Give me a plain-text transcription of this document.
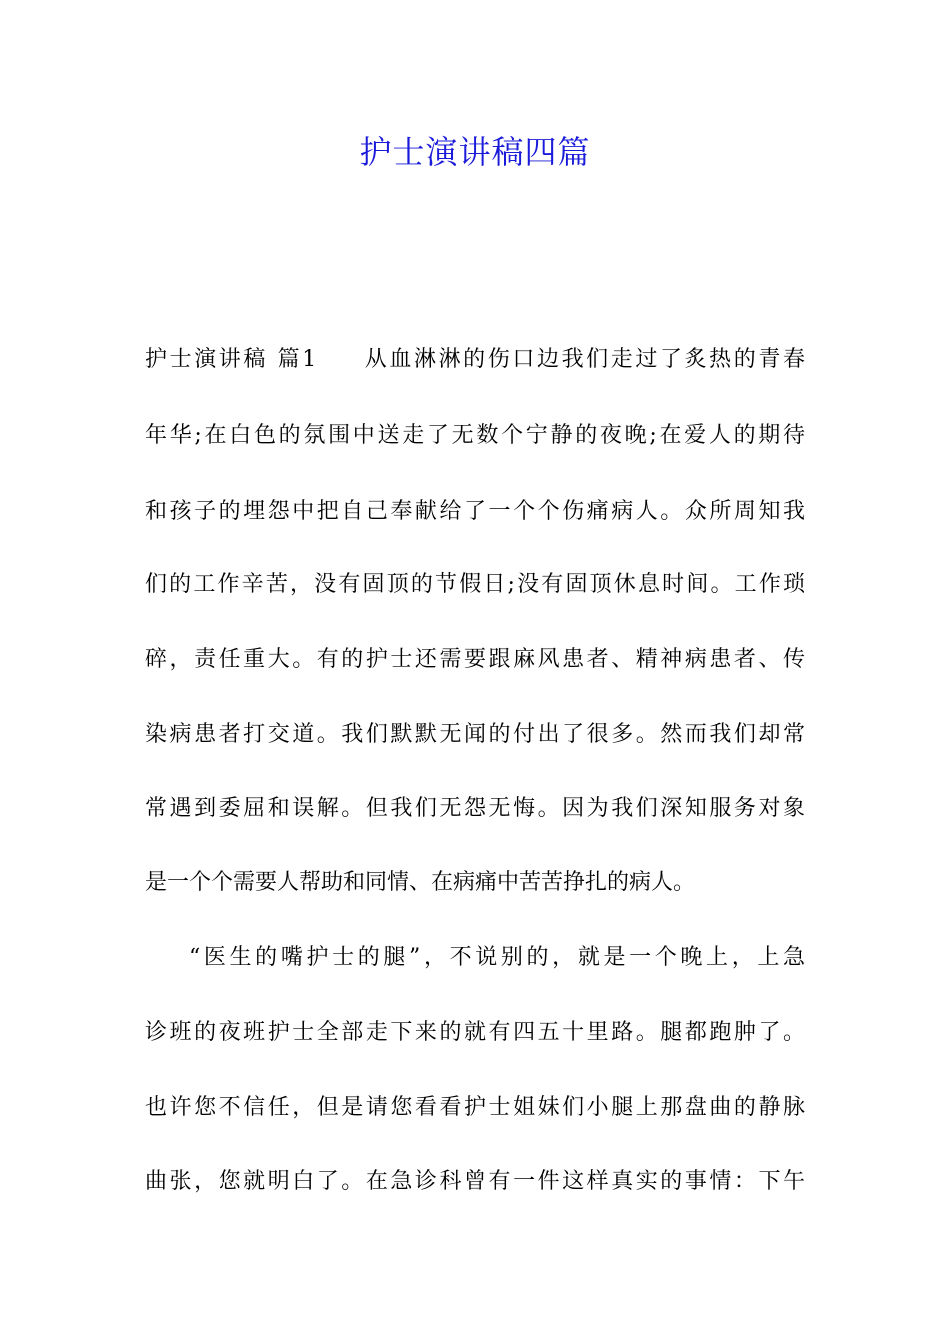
护士演讲稿四篇
护士演讲稿 篇1 从血淋淋的伤口边我们走过了炙热的青春
年华;在白色的氛围中送走了无数个宁静的夜晚;在爱人的期待
和孩子的埋怨中把自己奉献给了一个个伤痛病人。众所周知我
们的工作辛苦，没有固顶的节假日;没有固顶休息时间。工作琐
碎，责任重大。有的护士还需要跟麻风患者、精神病患者、传
染病患者打交道。我们默默无闻的付出了很多。然而我们却常
常遇到委屈和误解。但我们无怨无悔。因为我们深知服务对象
是一个个需要人帮助和同情、在病痛中苦苦挣扎的病人。
“医生的嘴护士的腿”，不说别的，就是一个晚上，上急
诊班的夜班护士全部走下来的就有四五十里路。腿都跑肿了。
也许您不信任，但是请您看看护士姐妹们小腿上那盘曲的静脉
曲张，您就明白了。在急诊科曾有一件这样真实的事情：下午
